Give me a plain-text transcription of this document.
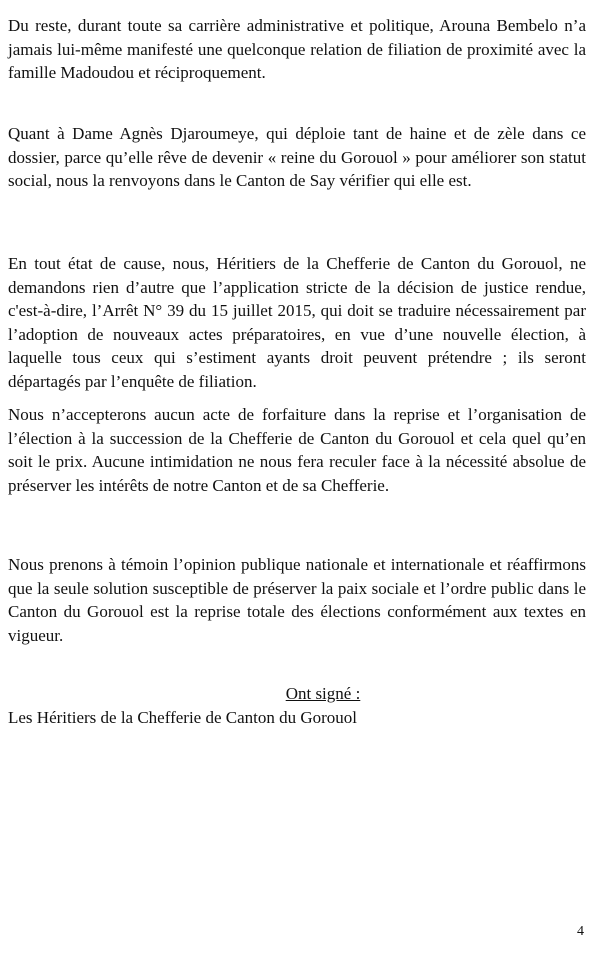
Du reste, durant toute sa carrière administrative et politique, Arouna Bembelo n’a jamais lui-même manifesté une quelconque relation de filiation de proximité avec la famille Madoudou et réciproquement.

Quant à Dame Agnès Djaroumeye, qui déploie tant de haine et de zèle dans ce dossier, parce qu’elle rêve de devenir « reine du Gorouol » pour améliorer son statut social, nous la renvoyons dans le Canton de Say vérifier qui elle est.

En tout état de cause, nous, Héritiers de la Chefferie de Canton du Gorouol, ne demandons rien d’autre que l’application stricte de la décision de justice rendue, c'est-à-dire, l’Arrêt N° 39 du 15 juillet 2015, qui doit se traduire nécessairement par l’adoption de nouveaux actes préparatoires, en vue d’une nouvelle élection, à laquelle tous ceux qui s’estiment ayants droit peuvent prétendre ; ils seront départagés par l’enquête de filiation.

Nous n’accepterons aucun acte de forfaiture dans la reprise et l’organisation de l’élection à la succession de la Chefferie de Canton du Gorouol et cela quel qu’en soit le prix. Aucune intimidation ne nous fera reculer face à la nécessité absolue de préserver les intérêts de notre Canton et de sa Chefferie.

Nous prenons à témoin l’opinion publique nationale et internationale et réaffirmons que la seule solution susceptible de préserver la paix sociale et l’ordre public dans le Canton du Gorouol est la reprise totale des élections conformément aux textes en vigueur.

Ont signé :

Les Héritiers de la Chefferie de Canton du Gorouol

4
